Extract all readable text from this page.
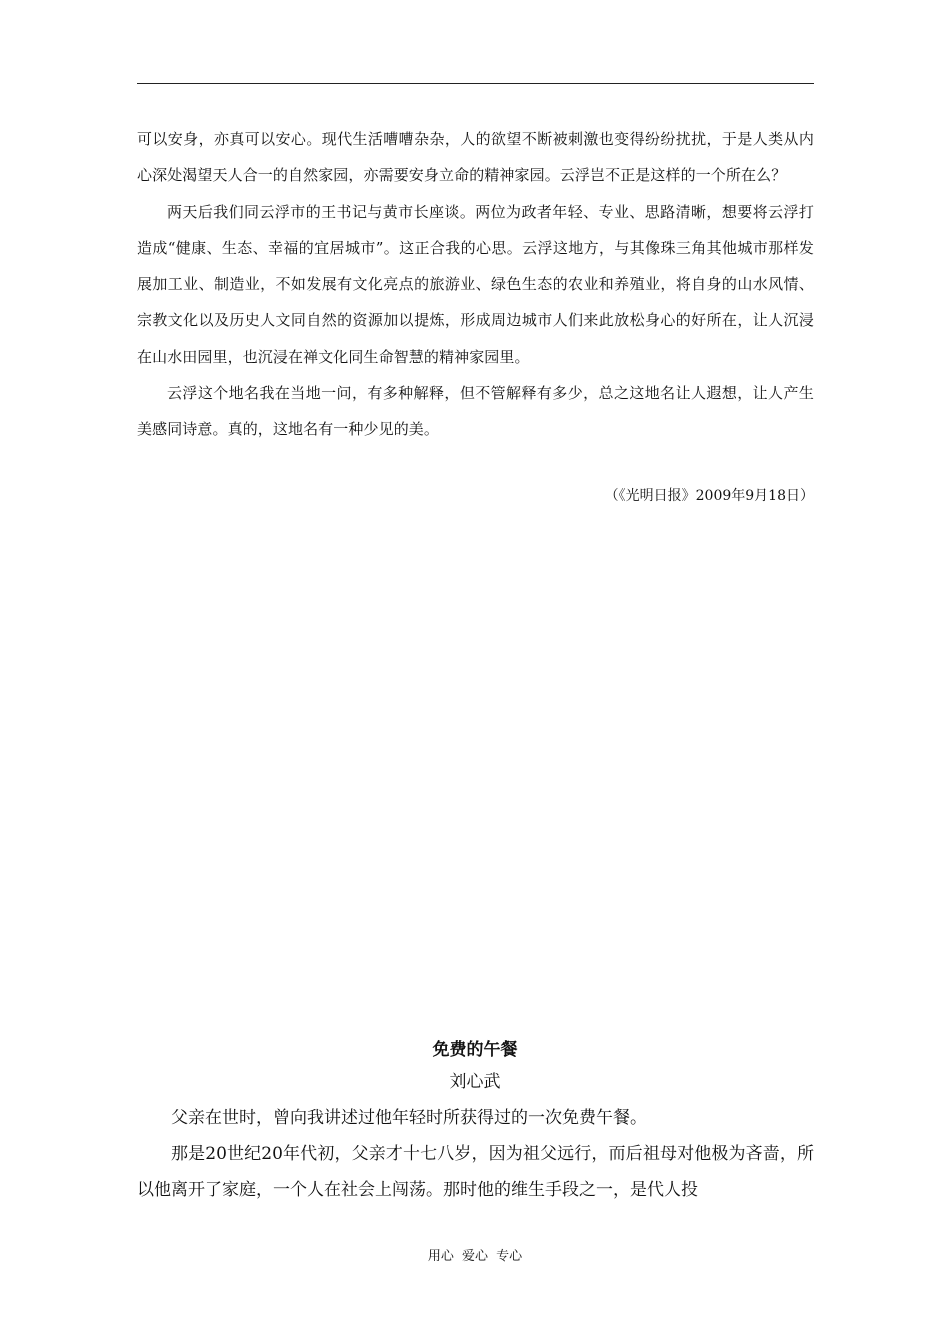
可以安身，亦真可以安心。现代生活嘈嘈杂杂，人的欲望不断被刺激也变得纷纷扰扰，于是人类从内心深处渴望天人合一的自然家园，亦需要安身立命的精神家园。云浮岂不正是这样的一个所在么？

两天后我们同云浮市的王书记与黄市长座谈。两位为政者年轻、专业、思路清晰，想要将云浮打造成“健康、生态、幸福的宜居城市”。这正合我的心思。云浮这地方，与其像珠三角其他城市那样发展加工业、制造业，不如发展有文化亮点的旅游业、绿色生态的农业和养殖业，将自身的山水风情、宗教文化以及历史人文同自然的资源加以提炼，形成周边城市人们来此放松身心的好所在，让人沉浸在山水田园里，也沉浸在禅文化同生命智慧的精神家园里。

云浮这个地名我在当地一问，有多种解释，但不管解释有多少，总之这地名让人遐想，让人产生美感同诗意。真的，这地名有一种少见的美。

（《光明日报》2009年9月18日）
免费的午餐
刘心武

父亲在世时，曾向我讲述过他年轻时所获得过的一次免费午餐。

那是20世纪20年代初，父亲才十七八岁，因为祖父远行，而后祖母对他极为吝啬，所以他离开了家庭，一个人在社会上闯荡。那时他的维生手段之一，是代人投

用心 爱心 专心
